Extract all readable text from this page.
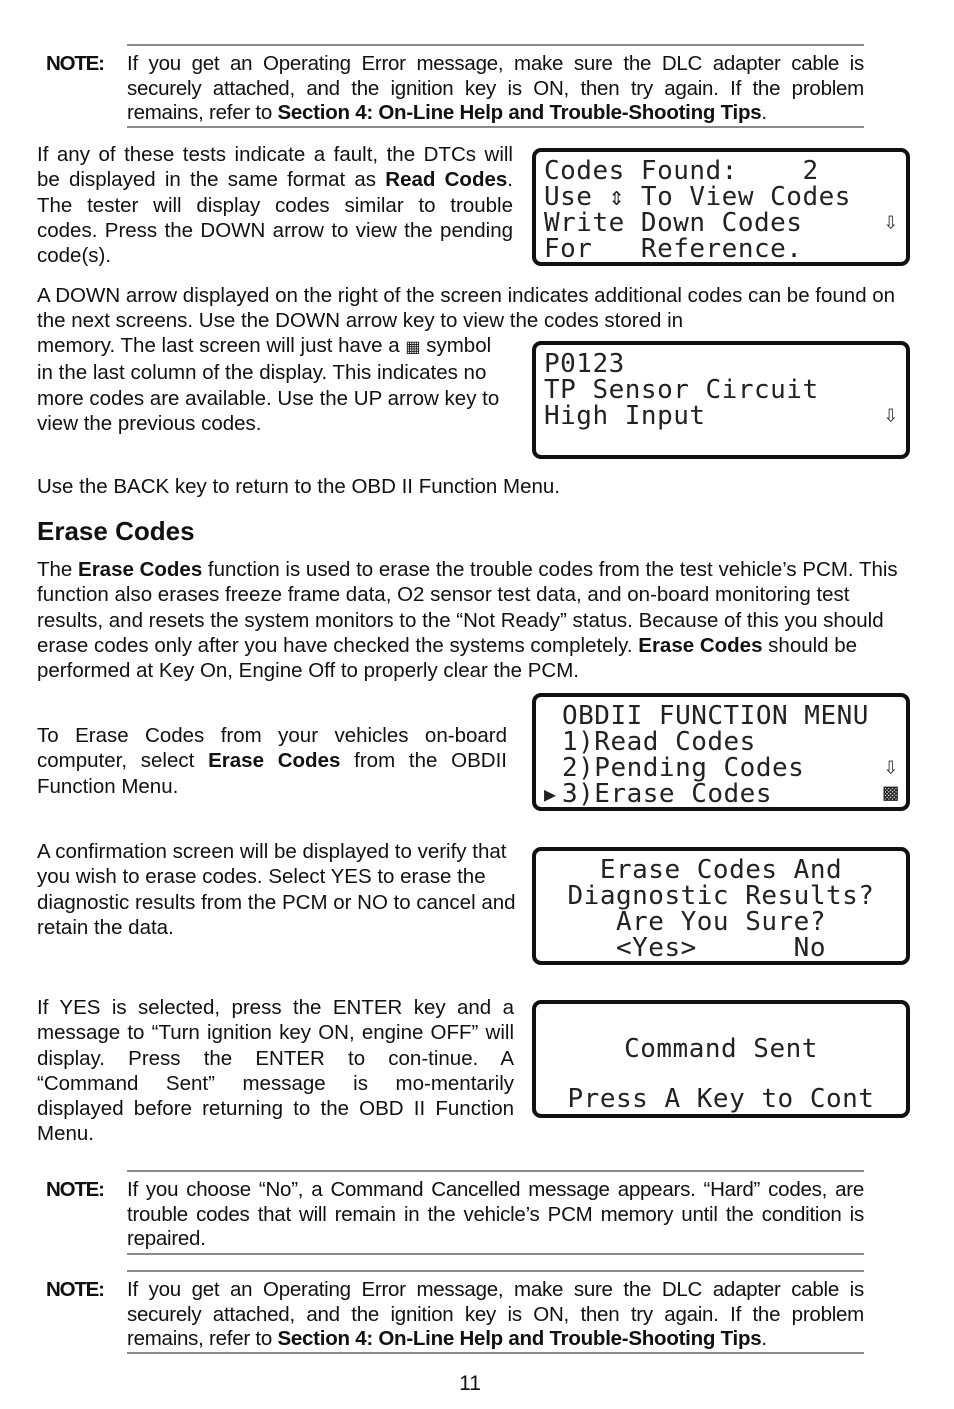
NOTE: If you get an Operating Error message, make sure the DLC adapter cable is securely attached, and the ignition key is ON, then try again. If the problem remains, refer to Section 4: On-Line Help and Trouble-Shooting Tips.

If any of these tests indicate a fault, the DTCs will be displayed in the same format as Read Codes. The tester will display codes similar to trouble codes. Press the DOWN arrow to view the pending code(s).

Codes Found:    2
Use ⇕ To View Codes
Write Down Codes	⇩
For   Reference.

A DOWN arrow displayed on the right of the screen indicates additional codes can be found on the next screens. Use the DOWN arrow key to view the codes stored in

memory. The last screen will just have a ▦ symbol in the last column of the display. This indicates no more codes are available. Use the UP arrow key to view the previous codes.

P0123
TP Sensor Circuit
High Input	⇩

Use the BACK key to return to the OBD II Function Menu.

Erase Codes

The Erase Codes function is used to erase the trouble codes from the test vehicle’s PCM. This function also erases freeze frame data, O2 sensor test data, and on-board monitoring test results, and resets the system monitors to the “Not Ready” status. Because of this you should erase codes only after you have checked the systems completely. Erase Codes should be performed at Key On, Engine Off to properly clear the PCM.

OBDII FUNCTION MENU
1)Read Codes
2)Pending Codes	⇩
▶ 3)Erase Codes	▩

To Erase Codes from your vehicles on-board computer, select Erase Codes from the OBDII Function Menu.

A confirmation screen will be displayed to verify that you wish to erase codes. Select YES to erase the diagnostic results from the PCM or NO to cancel and retain the data.

Erase Codes And
Diagnostic Results?
Are You Sure?
<Yes>      No

If YES is selected, press the ENTER key and a message to “Turn ignition key ON, engine OFF” will display. Press the ENTER to con-tinue. A “Command Sent” message is mo-mentarily displayed before returning to the OBD II Function Menu.

Command Sent
Press A Key to Cont
NOTE: If you choose “No”, a Command Cancelled message appears. “Hard” codes, are trouble codes that will remain in the vehicle’s PCM memory until the condition is repaired.
NOTE: If you get an Operating Error message, make sure the DLC adapter cable is securely attached, and the ignition key is ON, then try again. If the problem remains, refer to Section 4: On-Line Help and Trouble-Shooting Tips.
11
